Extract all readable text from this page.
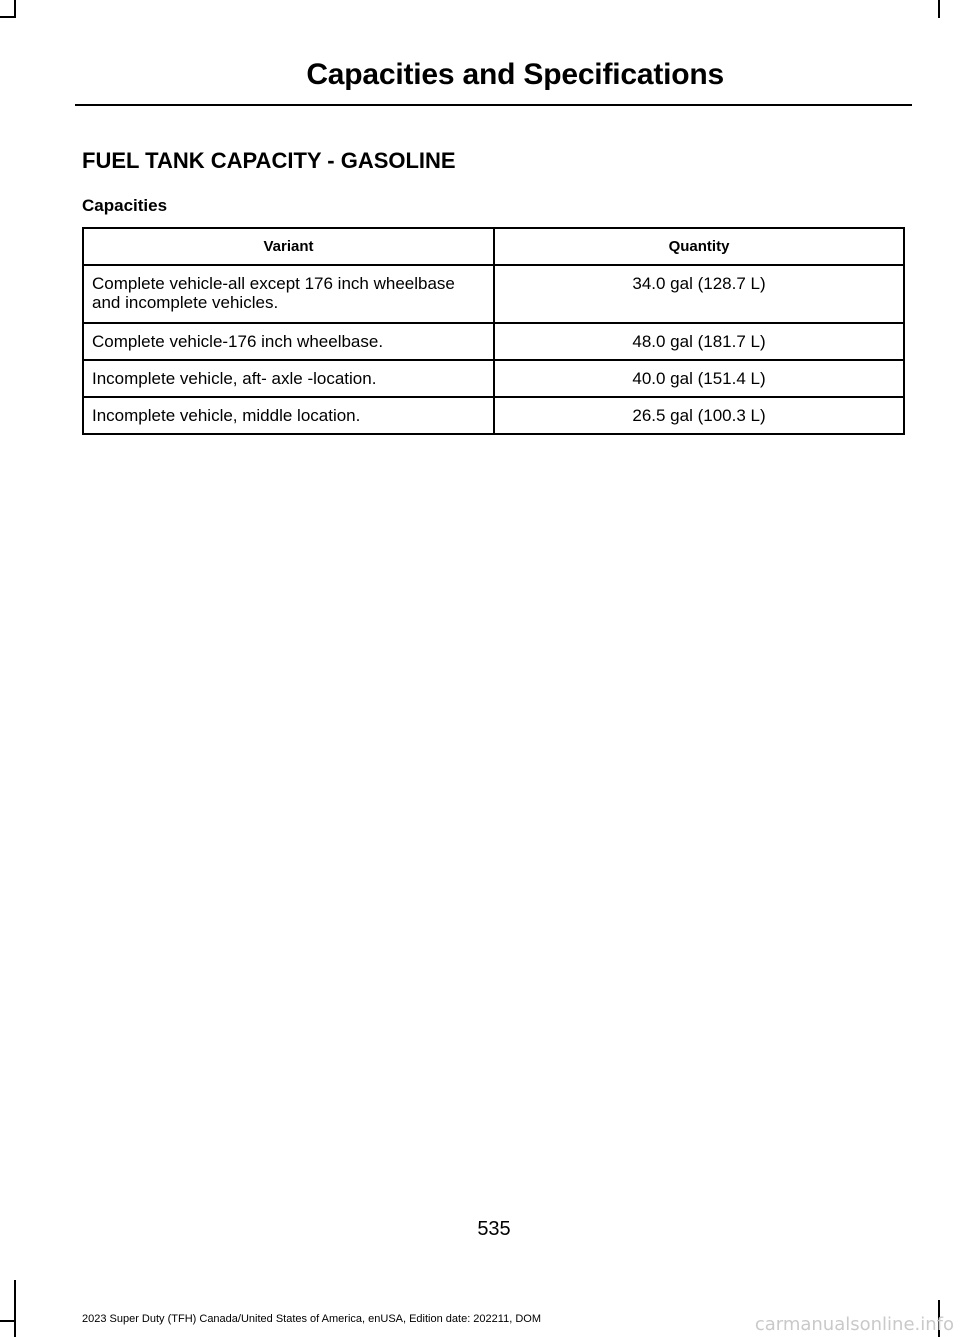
Capacities and Specifications
FUEL TANK CAPACITY - GASOLINE
Capacities
Variant	Quantity
Complete vehicle-all except 176 inch wheelbase and incomplete vehicles.	34.0 gal (128.7 L)
Complete vehicle-176 inch wheelbase.	48.0 gal (181.7 L)
Incomplete vehicle, aft- axle -location.	40.0 gal (151.4 L)
Incomplete vehicle, middle location.	26.5 gal (100.3 L)
535
2023 Super Duty (TFH) Canada/United States of America, enUSA, Edition date: 202211, DOM	carmanualsonline.info
